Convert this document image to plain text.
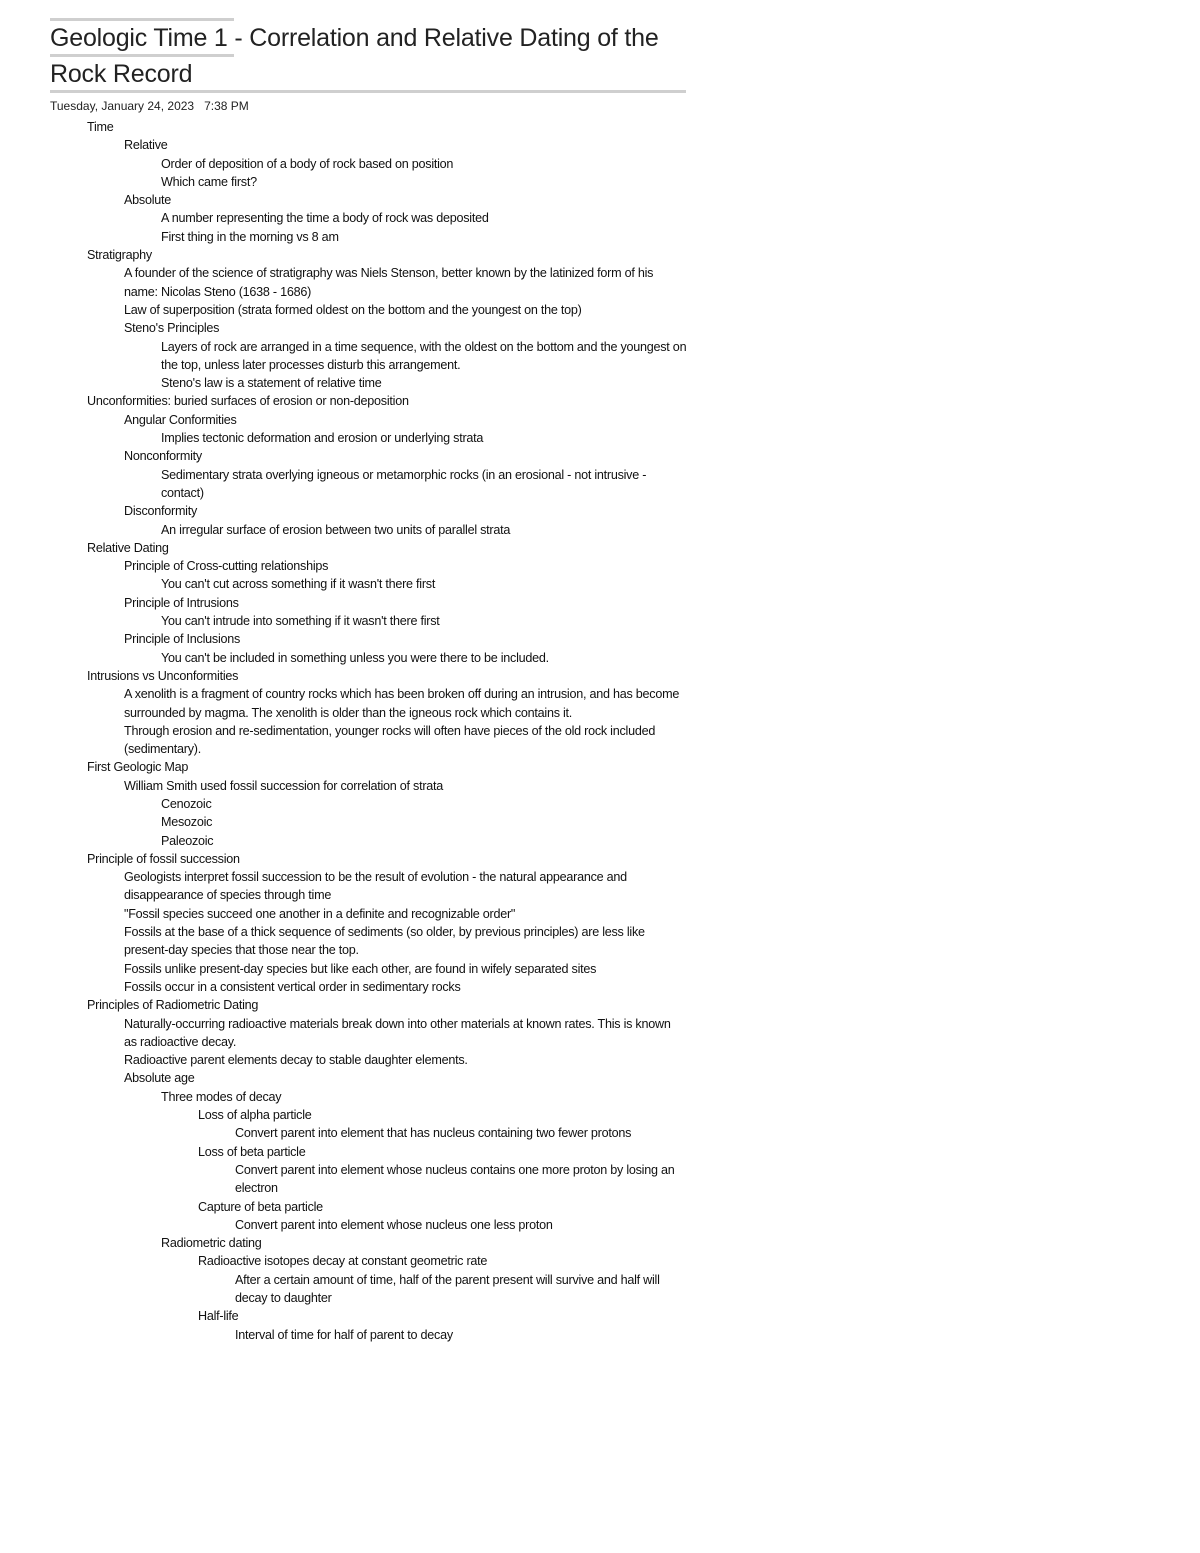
Geologic Time 1 - Correlation and Relative Dating of the
Rock Record
Tuesday, January 24, 2023 7:38 PM
Time
Relative
Order of deposition of a body of rock based on position
Which came first?
Absolute
A number representing the time a body of rock was deposited
First thing in the morning vs 8 am
Stratigraphy
A founder of the science of stratigraphy was Niels Stenson, better known by the latinized form of his name: Nicolas Steno (1638 - 1686)
Law of superposition (strata formed oldest on the bottom and the youngest on the top)
Steno's Principles
Layers of rock are arranged in a time sequence, with the oldest on the bottom and the youngest on the top, unless later processes disturb this arrangement.
Steno's law is a statement of relative time
Unconformities: buried surfaces of erosion or non-deposition
Angular Conformities
Implies tectonic deformation and erosion or underlying strata
Nonconformity
Sedimentary strata overlying igneous or metamorphic rocks (in an erosional - not intrusive - contact)
Disconformity
An irregular surface of erosion between two units of parallel strata
Relative Dating
Principle of Cross-cutting relationships
You can't cut across something if it wasn't there first
Principle of Intrusions
You can't intrude into something if it wasn't there first
Principle of Inclusions
You can't be included in something unless you were there to be included.
Intrusions vs Unconformities
A xenolith is a fragment of country rocks which has been broken off during an intrusion, and has become surrounded by magma. The xenolith is older than the igneous rock which contains it.
Through erosion and re-sedimentation, younger rocks will often have pieces of the old rock included (sedimentary).
First Geologic Map
William Smith used fossil succession for correlation of strata
Cenozoic
Mesozoic
Paleozoic
Principle of fossil succession
Geologists interpret fossil succession to be the result of evolution - the natural appearance and disappearance of species through time
"Fossil species succeed one another in a definite and recognizable order"
Fossils at the base of a thick sequence of sediments (so older, by previous principles) are less like present-day species that those near the top.
Fossils unlike present-day species but like each other, are found in wifely separated sites
Fossils occur in a consistent vertical order in sedimentary rocks
Principles of Radiometric Dating
Naturally-occurring radioactive materials break down into other materials at known rates. This is known as radioactive decay.
Radioactive parent elements decay to stable daughter elements.
Absolute age
Three modes of decay
Loss of alpha particle
Convert parent into element that has nucleus containing two fewer protons
Loss of beta particle
Convert parent into element whose nucleus contains one more proton by losing an electron
Capture of beta particle
Convert parent into element whose nucleus one less proton
Radiometric dating
Radioactive isotopes decay at constant geometric rate
After a certain amount of time, half of the parent present will survive and half will decay to daughter
Half-life
Interval of time for half of parent to decay
